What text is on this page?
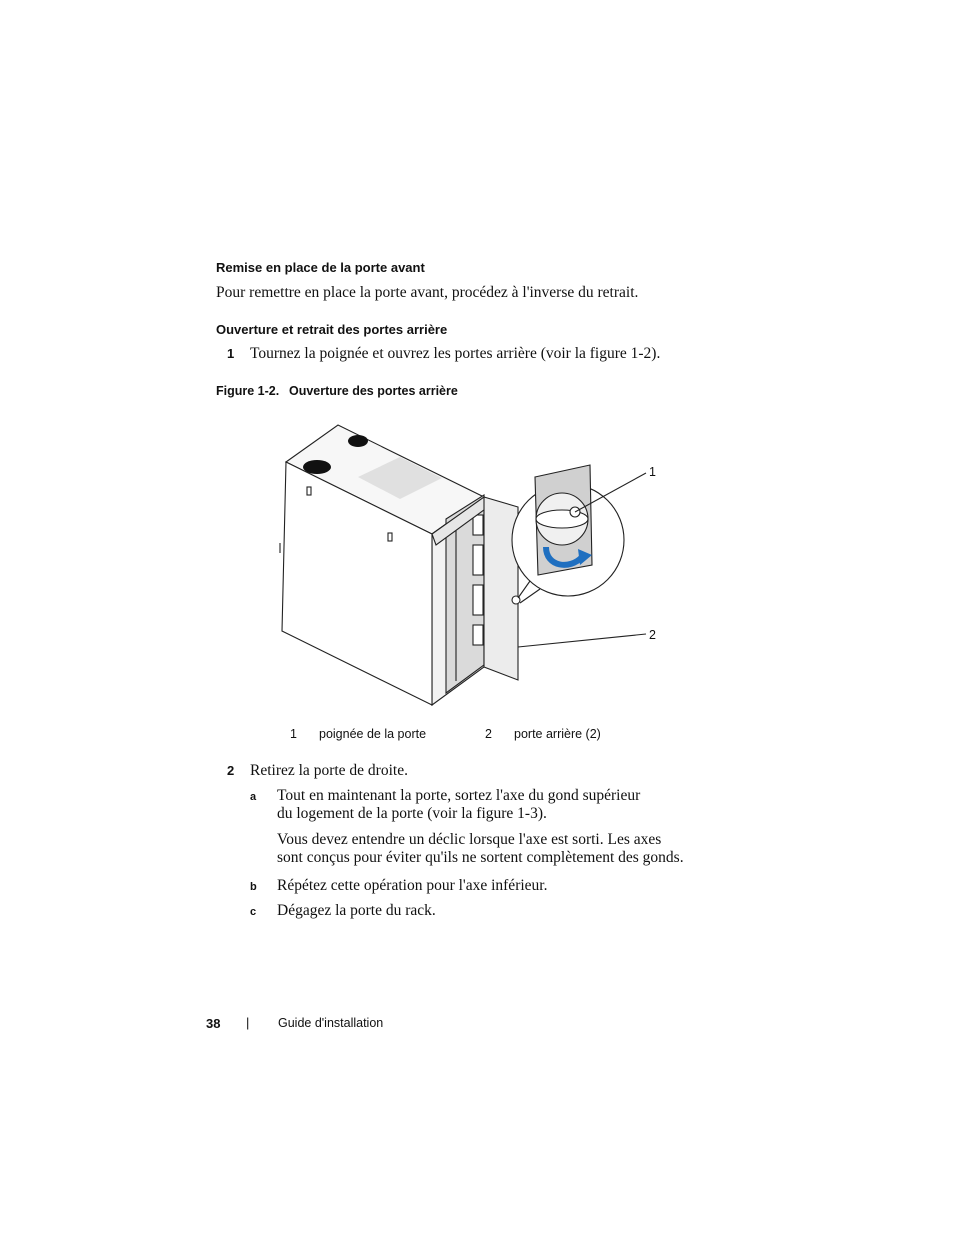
Remise en place de la porte avant
Pour remettre en place la porte avant, procédez à l'inverse du retrait.
Ouverture et retrait des portes arrière
1 Tournez la poignée et ouvrez les portes arrière (voir la figure 1-2).
Figure 1-2. Ouverture des portes arrière
1
2
1 poignée de la porte	2 porte arrière (2)
2 Retirez la porte de droite.
a Tout en maintenant la porte, sortez l'axe du gond supérieur
du logement de la porte (voir la figure 1-3).
Vous devez entendre un déclic lorsque l'axe est sorti. Les axes
sont conçus pour éviter qu'ils ne sortent complètement des gonds.
b Répétez cette opération pour l'axe inférieur.
c Dégagez la porte du rack.
38 | Guide d'installation
